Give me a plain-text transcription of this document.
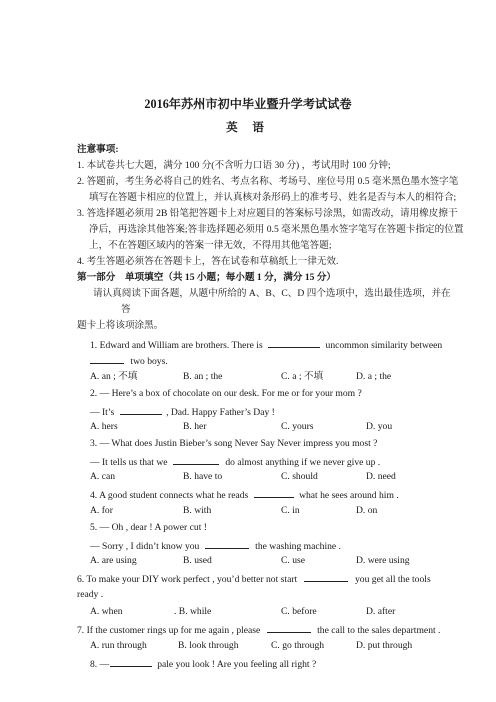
2016年苏州市初中毕业暨升学考试试卷
英 语
注意事项:
1. 本试卷共七大题，满分 100 分(不含听力口语 30 分) ，考试用时 100 分钟;
2. 答题前，考生务必将自己的姓名、考点名称、考场号、座位号用 0.5 毫米黑色墨水签字笔
填写在答题卡相应的位置上，并认真核对条形码上的准考号、姓名是否与本人的相符合;
3. 答选择题必须用 2B 铅笔把答题卡上对应题目的答案标号涂黑，如需改动，请用橡皮擦干
净后，再选涂其他答案;答非选择题必须用 0.5 毫米黑色墨水签字笔写在答题卡指定的位置
上，不在答题区域内的答案一律无效，不得用其他笔答题;
4. 考生答题必须答在答题卡上，答在试卷和草稿纸上一律无效.
第一部分　单项填空（共 15 小题；每小题 1 分，满分 15 分）
请认真阅读下面各题，从题中所给的 A、B、C、D 四个选项中，选出最佳选项，并在
答
题卡上将该项涂黑。
1. Edward and William are brothers. There is	uncommon similarity between
two boys.
A. an ; 不填	B. an ; the	C. a ; 不填	D. a ; the
2. — Here’s a box of chocolate on our desk. For me or for your mom ?
— It’s	, Dad. Happy Father’s Day !
A. hers	B. her	C. yours	D. you
3. — What does Justin Bieber’s song Never Say Never impress you most ?
— It tells us that we	do almost anything if we never give up .
A. can	B. have to	C. should	D. need
4. A good student connects what he reads	what he sees around him .
A. for	B. with	C. in	D. on
5. — Oh , dear ! A power cut !
— Sorry , I didn’t know you	the washing machine .
A. are using	B. used	C. use	D. were using
6. To make your DIY work perfect , you’d better not start	you get all the tools
ready .
A. when	. B. while	C. before	D. after
7. If the customer rings up for me again , please	the call to the sales department .
A. run through	B. look through	C. go through	D. put through
8. —	pale you look ! Are you feeling all right ?
